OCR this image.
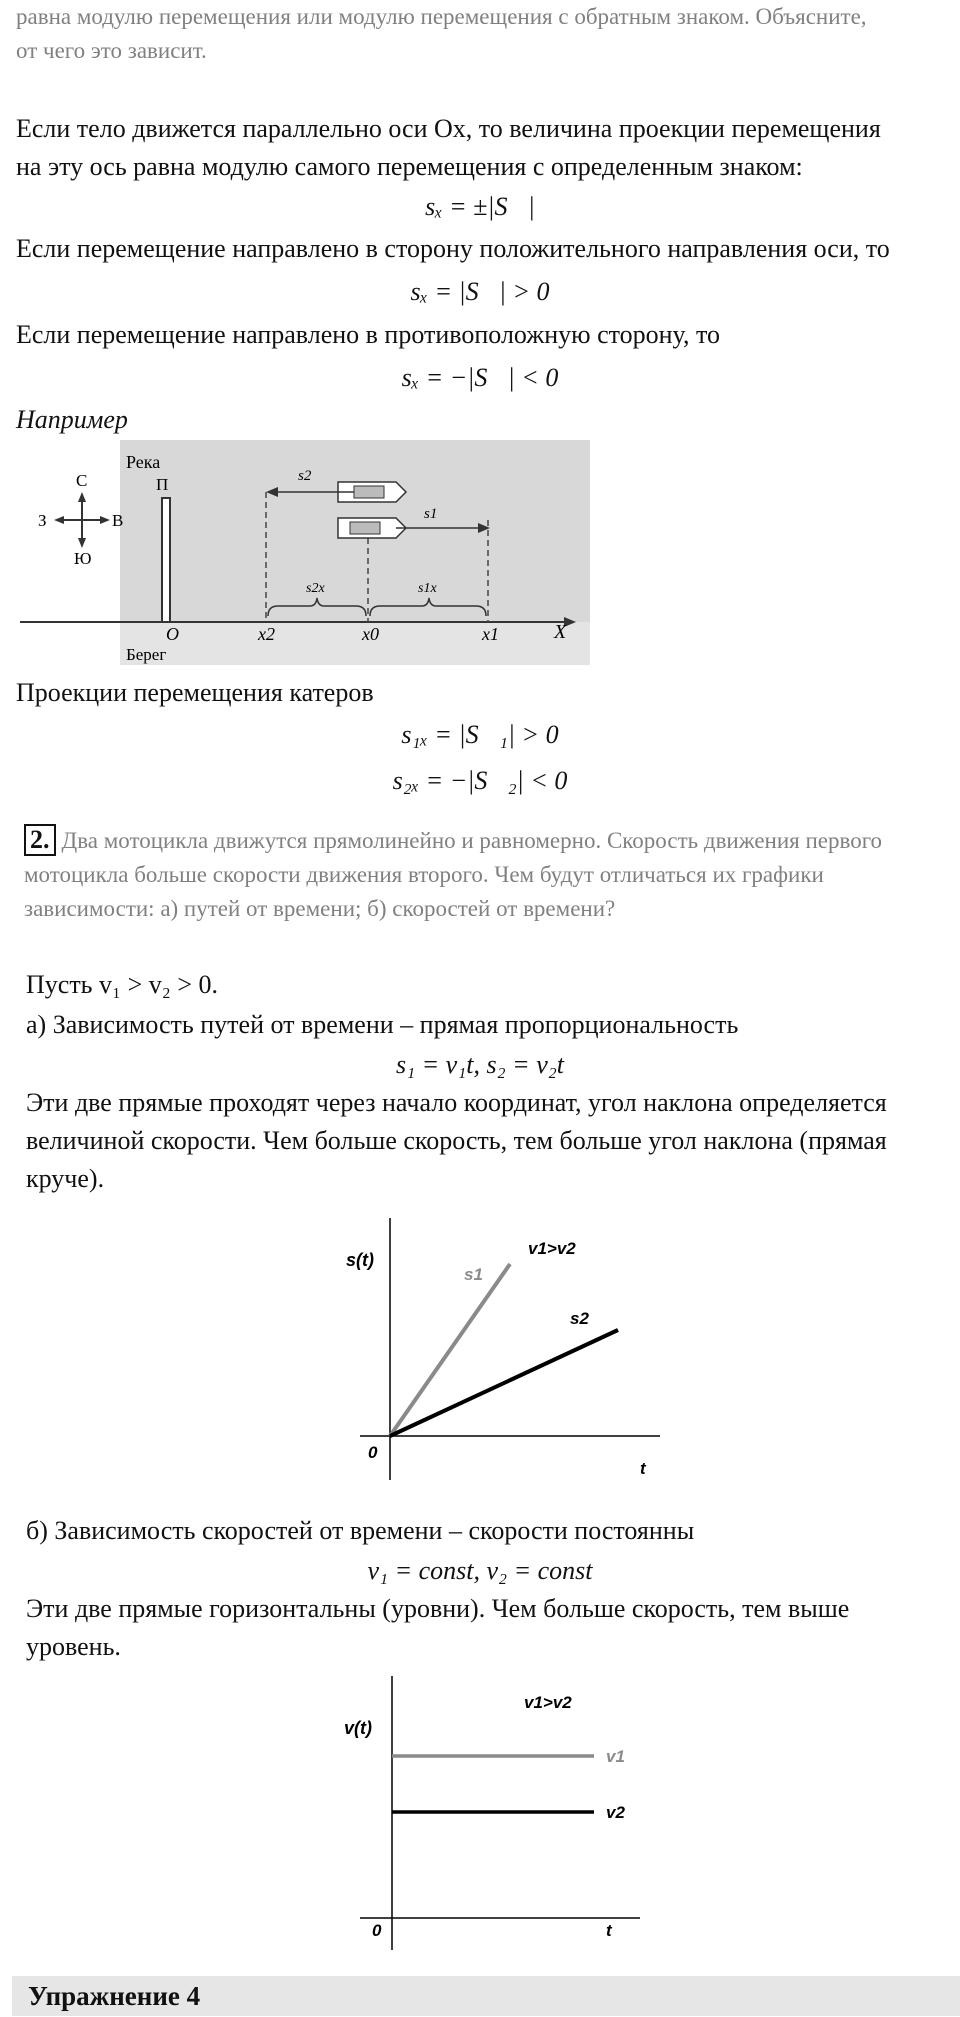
равна модулю перемещения или модулю перемещения с обратным знаком. Объясните,
от чего это зависит.
Если тело движется параллельно оси Ox, то величина проекции перемещения
на эту ось равна модулю самого перемещения с определенным знаком:
sₓ = ±|S⃗|
Если перемещение направлено в сторону положительного направления оси, то
sₓ = |S⃗| > 0
Если перемещение направлено в противоположную сторону, то
sₓ = −|S⃗| < 0
Например
С
Ю
З	В
Река
П
O
Берег
x2	x0	x1	X
s2
s1
s2x	s1x
Проекции перемещения катеров
s₁ₓ = |S⃗₁| > 0
s₂ₓ = −|S⃗₂| < 0
2. Два мотоцикла движутся прямолинейно и равномерно. Скорость движения первого
мотоцикла больше скорости движения второго. Чем будут отличаться их графики
зависимости: а) путей от времени; б) скоростей от времени?
Пусть v₁ > v₂ > 0.
а) Зависимость путей от времени – прямая пропорциональность
s₁ = v₁t, s₂ = v₂t
Эти две прямые проходят через начало координат, угол наклона определяется
величиной скорости. Чем больше скорость, тем больше угол наклона (прямая
круче).
s(t)
v1>v2
s1
s2
0
t
б) Зависимость скоростей от времени – скорости постоянны
v₁ = const, v₂ = const
Эти две прямые горизонтальны (уровни). Чем больше скорость, тем выше
уровень.
v(t)
v1>v2
v1
v2
0	t
Упражнение 4
